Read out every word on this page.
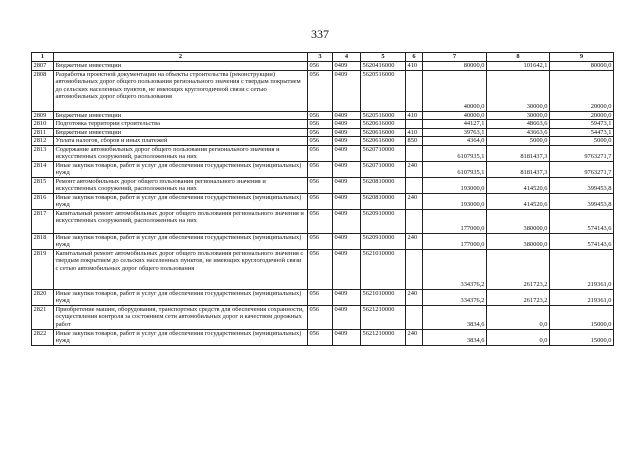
337
1	2	3	4	5	6	7	8	9
2807	Бюджетные инвестиции	056	0409	5620416000	410	80000,0	101642,1	80000,0
2808	Разработка проектной документации на объекты строительства (реконструкции) автомобильных дорог общего пользования регионального значения с твердым покрытием до сельских населенных пунктов, не имеющих круглогодичной связи с сетью автомобильных дорог общего пользования	056	0409	5620516000		40000,0	30000,0	20000,0
2809	Бюджетные инвестиции	056	0409	5620516000	410	40000,0	30000,0	20000,0
2810	Подготовка территории строительства	056	0409	5620616000		44127,1	48663,6	59473,1
2811	Бюджетные инвестиции	056	0409	5620616000	410	39763,1	43663,6	54473,1
2812	Уплата налогов, сборов и иных платежей	056	0409	5620616000	850	4364,0	5000,0	5000,0
2813	Содержание автомобильных дорог общего пользования регионального значения и искусственных сооружений, расположенных на них	056	0409	5620710000		6107935,1	8181437,3	9763271,7
2814	Иные закупки товаров, работ и услуг для обеспечения государственных (муниципальных) нужд	056	0409	5620710000	240	6107935,1	8181437,3	9763271,7
2815	Ремонт автомобильных дорог общего пользования регионального значения и искусственных сооружений, расположенных на них	056	0409	5620810000		193000,0	414520,6	399453,8
2816	Иные закупки товаров, работ и услуг для обеспечения государственных (муниципальных) нужд	056	0409	5620810000	240	193000,0	414520,6	399453,8
2817	Капитальный ремонт автомобильных дорог общего пользования регионального значения и искусственных сооружений, расположенных на них	056	0409	5620910000		177000,0	380000,0	574143,6
2818	Иные закупки товаров, работ и услуг для обеспечения государственных (муниципальных) нужд	056	0409	5620910000	240	177000,0	380000,0	574143,6
2819	Капитальный ремонт автомобильных дорог общего пользования регионального значения с твердым покрытием до сельских населенных пунктов, не имеющих круглогодичной связи с сетью автомобильных дорог общего пользования	056	0409	5621010000		334376,2	261723,2	219361,0
2820	Иные закупки товаров, работ и услуг для обеспечения государственных (муниципальных) нужд	056	0409	5621010000	240	334376,2	261723,2	219361,0
2821	Приобретение машин, оборудования, транспортных средств для обеспечения сохранности, осуществления контроля за состоянием сети автомобильных дорог и качеством дорожных работ	056	0409	5621210000		3834,6	0,0	15000,0
2822	Иные закупки товаров, работ и услуг для обеспечения государственных (муниципальных) нужд	056	0409	5621210000	240	3834,6	0,0	15000,0
